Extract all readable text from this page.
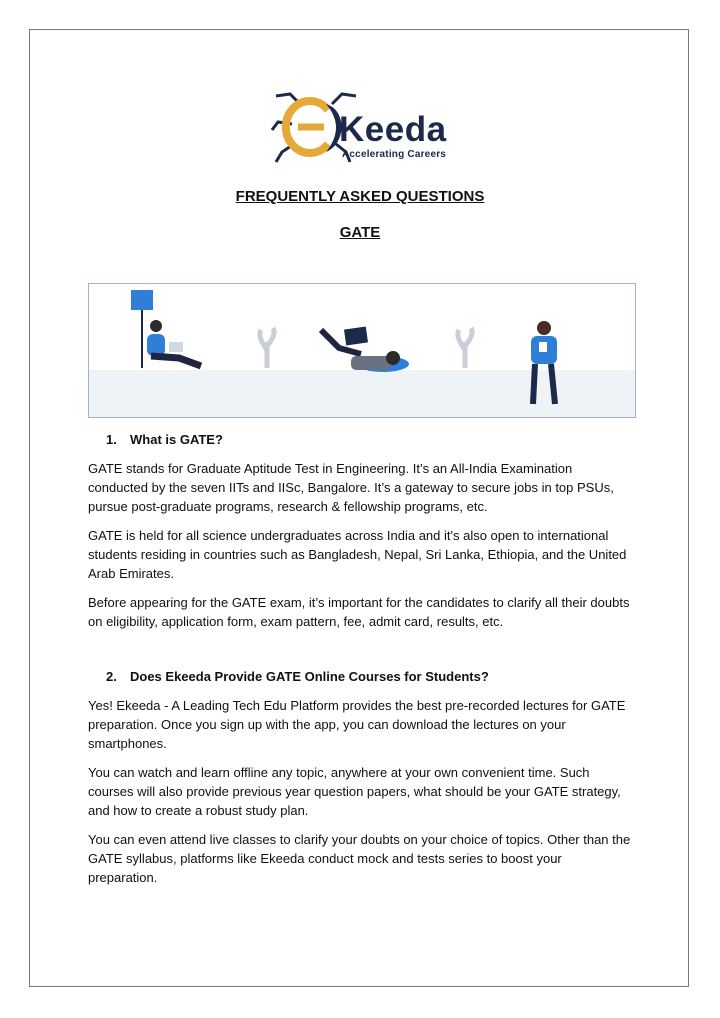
Keeda
Accelerating Careers
FREQUENTLY ASKED QUESTIONS
GATE
1. What is GATE?

GATE stands for Graduate Aptitude Test in Engineering. It’s an All-India Examination conducted by the seven IITs and IISc, Bangalore. It’s a gateway to secure jobs in top PSUs, pursue post-graduate programs, research & fellowship programs, etc.

GATE is held for all science undergraduates across India and it's also open to international students residing in countries such as Bangladesh, Nepal, Sri Lanka, Ethiopia, and the United Arab Emirates.

Before appearing for the GATE exam, it’s important for the candidates to clarify all their doubts on eligibility, application form, exam pattern, fee, admit card, results, etc.

2. Does Ekeeda Provide GATE Online Courses for Students?

Yes! Ekeeda - A Leading Tech Edu Platform provides the best pre-recorded lectures for GATE preparation. Once you sign up with the app, you can download the lectures on your smartphones.

You can watch and learn offline any topic, anywhere at your own convenient time. Such courses will also provide previous year question papers, what should be your GATE strategy, and how to create a robust study plan.

You can even attend live classes to clarify your doubts on your choice of topics. Other than the GATE syllabus, platforms like Ekeeda conduct mock and tests series to boost your preparation.
